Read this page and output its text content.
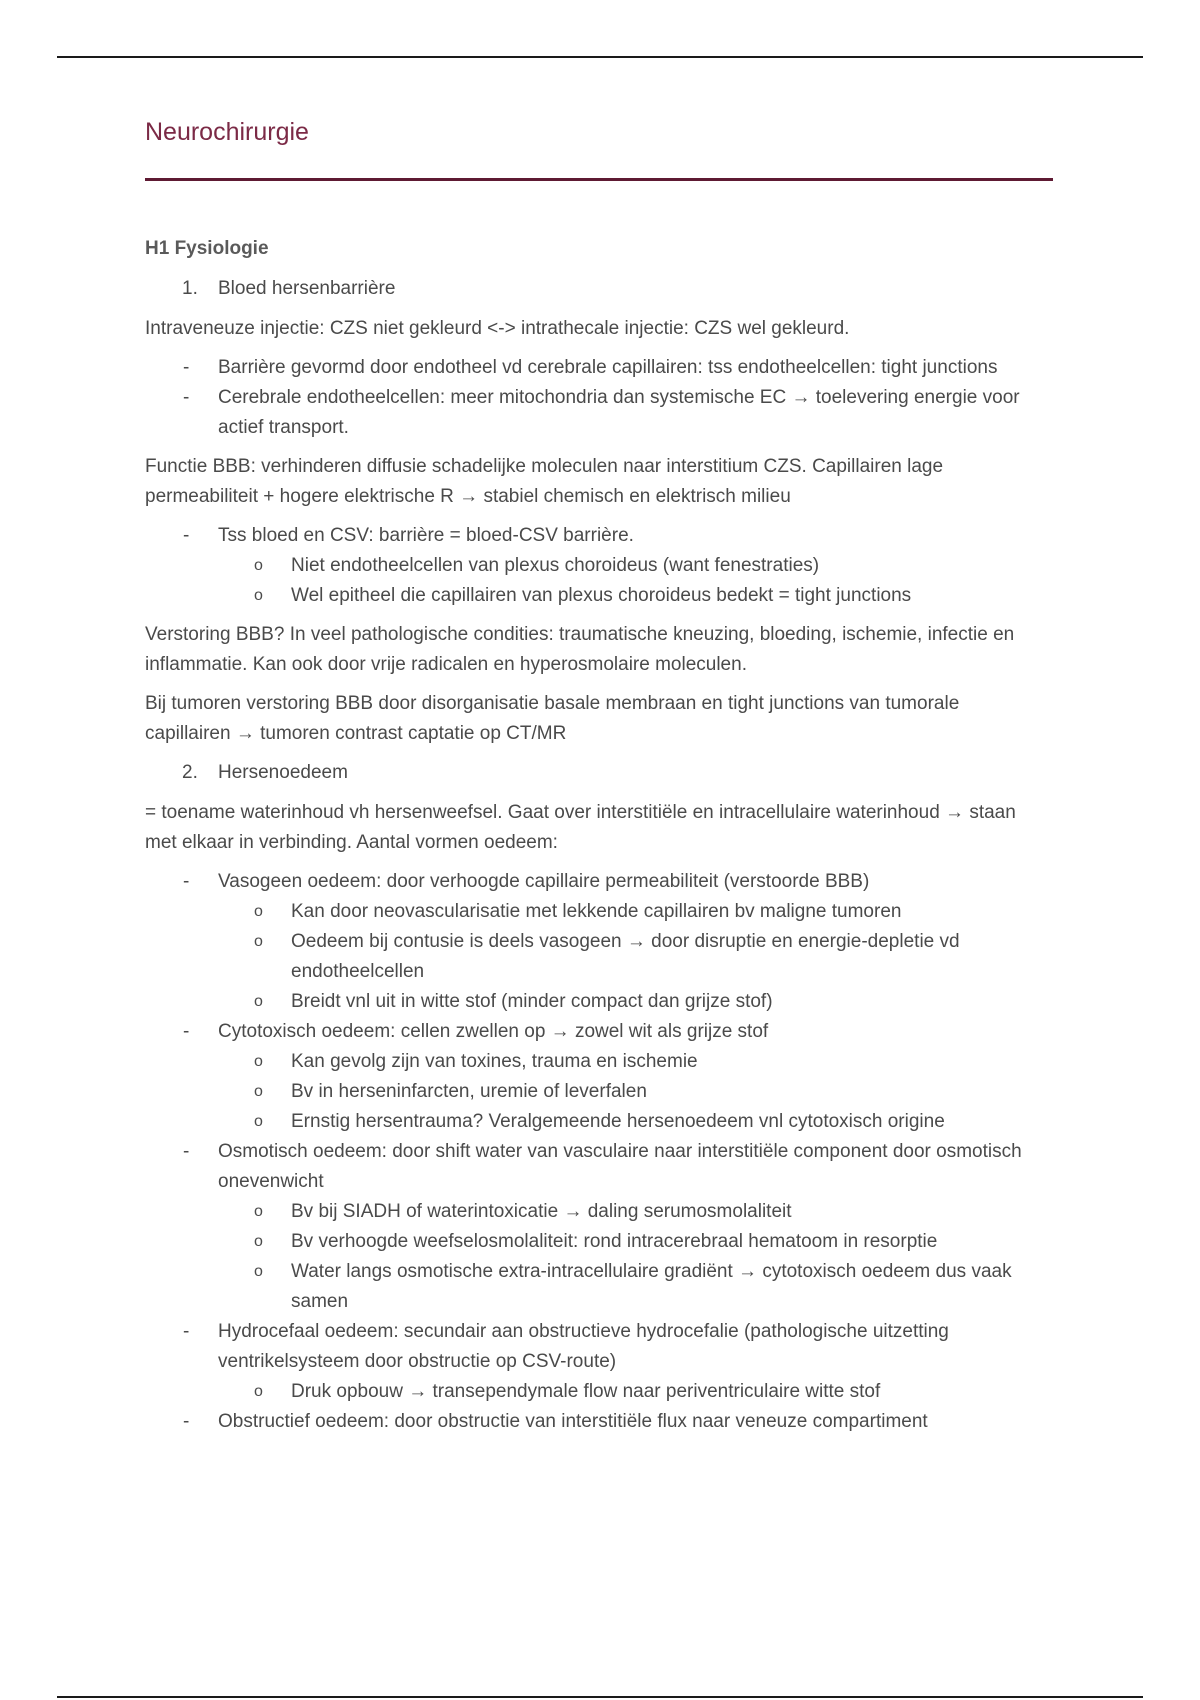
Neurochirurgie

H1 Fysiologie

1. Bloed hersenbarrière

Intraveneuze injectie: CZS niet gekleurd <-> intrathecale injectie: CZS wel gekleurd.

- Barrière gevormd door endotheel vd cerebrale capillairen: tss endotheelcellen: tight junctions
- Cerebrale endotheelcellen: meer mitochondria dan systemische EC → toelevering energie voor actief transport.

Functie BBB: verhinderen diffusie schadelijke moleculen naar interstitium CZS. Capillairen lage permeabiliteit + hogere elektrische R → stabiel chemisch en elektrisch milieu

- Tss bloed en CSV: barrière = bloed-CSV barrière.
o Niet endotheelcellen van plexus choroideus (want fenestraties)
o Wel epitheel die capillairen van plexus choroideus bedekt = tight junctions

Verstoring BBB? In veel pathologische condities: traumatische kneuzing, bloeding, ischemie, infectie en inflammatie. Kan ook door vrije radicalen en hyperosmolaire moleculen.

Bij tumoren verstoring BBB door disorganisatie basale membraan en tight junctions van tumorale capillairen → tumoren contrast captatie op CT/MR

2. Hersenoedeem

= toename waterinhoud vh hersenweefsel. Gaat over interstitiële en intracellulaire waterinhoud → staan met elkaar in verbinding. Aantal vormen oedeem:

- Vasogeen oedeem: door verhoogde capillaire permeabiliteit (verstoorde BBB)
o Kan door neovascularisatie met lekkende capillairen bv maligne tumoren
o Oedeem bij contusie is deels vasogeen → door disruptie en energie-depletie vd endotheelcellen
o Breidt vnl uit in witte stof (minder compact dan grijze stof)
- Cytotoxisch oedeem: cellen zwellen op → zowel wit als grijze stof
o Kan gevolg zijn van toxines, trauma en ischemie
o Bv in herseninfarcten, uremie of leverfalen
o Ernstig hersentrauma? Veralgemeende hersenoedeem vnl cytotoxisch origine
- Osmotisch oedeem: door shift water van vasculaire naar interstitiële component door osmotisch onevenwicht
o Bv bij SIADH of waterintoxicatie → daling serumosmolaliteit
o Bv verhoogde weefselosmolaliteit: rond intracerebraal hematoom in resorptie
o Water langs osmotische extra-intracellulaire gradiënt → cytotoxisch oedeem dus vaak samen
- Hydrocefaal oedeem: secundair aan obstructieve hydrocefalie (pathologische uitzetting ventrikelsysteem door obstructie op CSV-route)
o Druk opbouw → transependymale flow naar periventriculaire witte stof
- Obstructief oedeem: door obstructie van interstitiële flux naar veneuze compartiment
